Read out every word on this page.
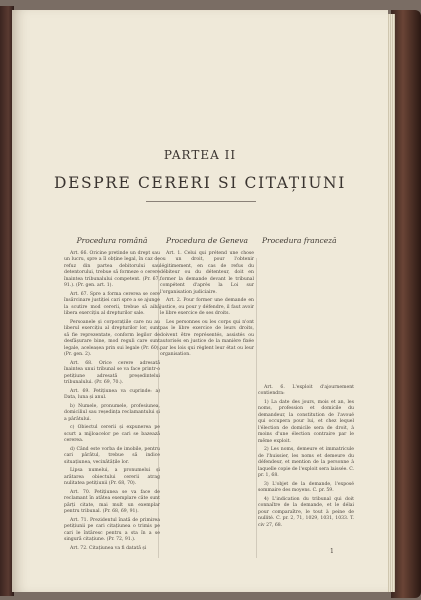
PARTEA II
DESPRE CERERI SI CITAȚIUNI
Procedura română

Art. 66. Oricine pretinde un drept sau un lucru, spre a îl obține legal, în caz de refuz din partea debitorului sau detentorului, trebue să formeze o cerere înaintea tribunalului competent. (Pr. 67, 91.). (Pr. gen. art. 1).

Art. 67. Spre a forma cererea se cere însărcinare justiției cari spre a se ajunge la scutire mod cererii, trebue să aibă libera exercițiu al drepturilor sale.

Persoanele și corporațiile care nu au liberul exercițiu al drepturilor lor, sunt să fie reprezentate, conform legilor de desfășurare bine, mod reguli care sunt legale, aceleașea prin sui legale (Pr. 60). (Pr. gen. 2).

Art. 68. Orice cerere adresată înaintea unui tribunal se va face printr-o petițiune adresată președintelui tribunalului. (Pr. 69, 70.).

Art. 69. Petițiunea va cuprinde: a) Data, luna și anul.

b) Numele, pronumele, profesiunea, domiciliul sau reședința reclamantului și a pârâtului.

c) Obiectul cererii și expunerea pe scurt a mijloacelor pe cari se bazează cererea.

d) Când este vorba de imobile, pentru cari pârâtul, trebue să indice situațiunea, vecinătățile lor.

Lipsa numelui, a pronumelui și arătarea obiectului cererii atrag nulitatea petițiunii (Pr. 68, 70).

Art. 70. Petițiunea se va face de reclamant în atâtea exemplare câte sunt părți citate, mai mult un exemplar pentru tribunal. (Pr. 68, 69, 91).

Art. 71. Prezidentul înată de primirea petițiunii pe cari citațiunea o trimis pe cari le întăresc pentru a sta în a se singură citațiune. (Pr. 72, 91.).

Art. 72. Citațiunea va fi datată și

Procedura de Geneva

Art. 1. Celui qui prétend une chose ou un droit, pour l'obtenir légitimement, en cas de refus du débiteur ou du détenteur, doit en former la demande devant le tribunal compétent d'après la Loi sur l'organisation judiciaire.

Art. 2. Pour former une demande en justice, ou pour y défendre, il faut avoir le libre exercice de ses droits.

Les personnes ou les corps qui n'ont pas le libre exercice de leurs droits, doivent être représentés, assistés ou autorisés en justice de la manière fixée par les lois qui règlent leur état ou leur organisation.

Procedura franceză

Art. 6. L'exploit d'ajournement contiendra:

1) La date des jours, mois et an, les noms, profession et domicile du demandeur, la constitution de l'avoué qui occupera pour lui, et chez lequel l'élection de domicile sera de droit, à moins d'une élection contraire par le même exploit.

2) Les noms, demeure et immatricule de l'huissier, les noms et demeure du défendeur, et mention de la personne à laquelle copie de l'exploit sera laissée. C. pr. 1, 68.

3) L'objet de la demande, l'exposé sommaire des moyens. C. pr. 59.

4) L'indication du tribunal qui doit connaître de la demande, et le délai pour comparaître, le tout à peine de nullité. C. pr. 2, 71, 1029, 1031, 1033. T. civ 27, 68.

1
